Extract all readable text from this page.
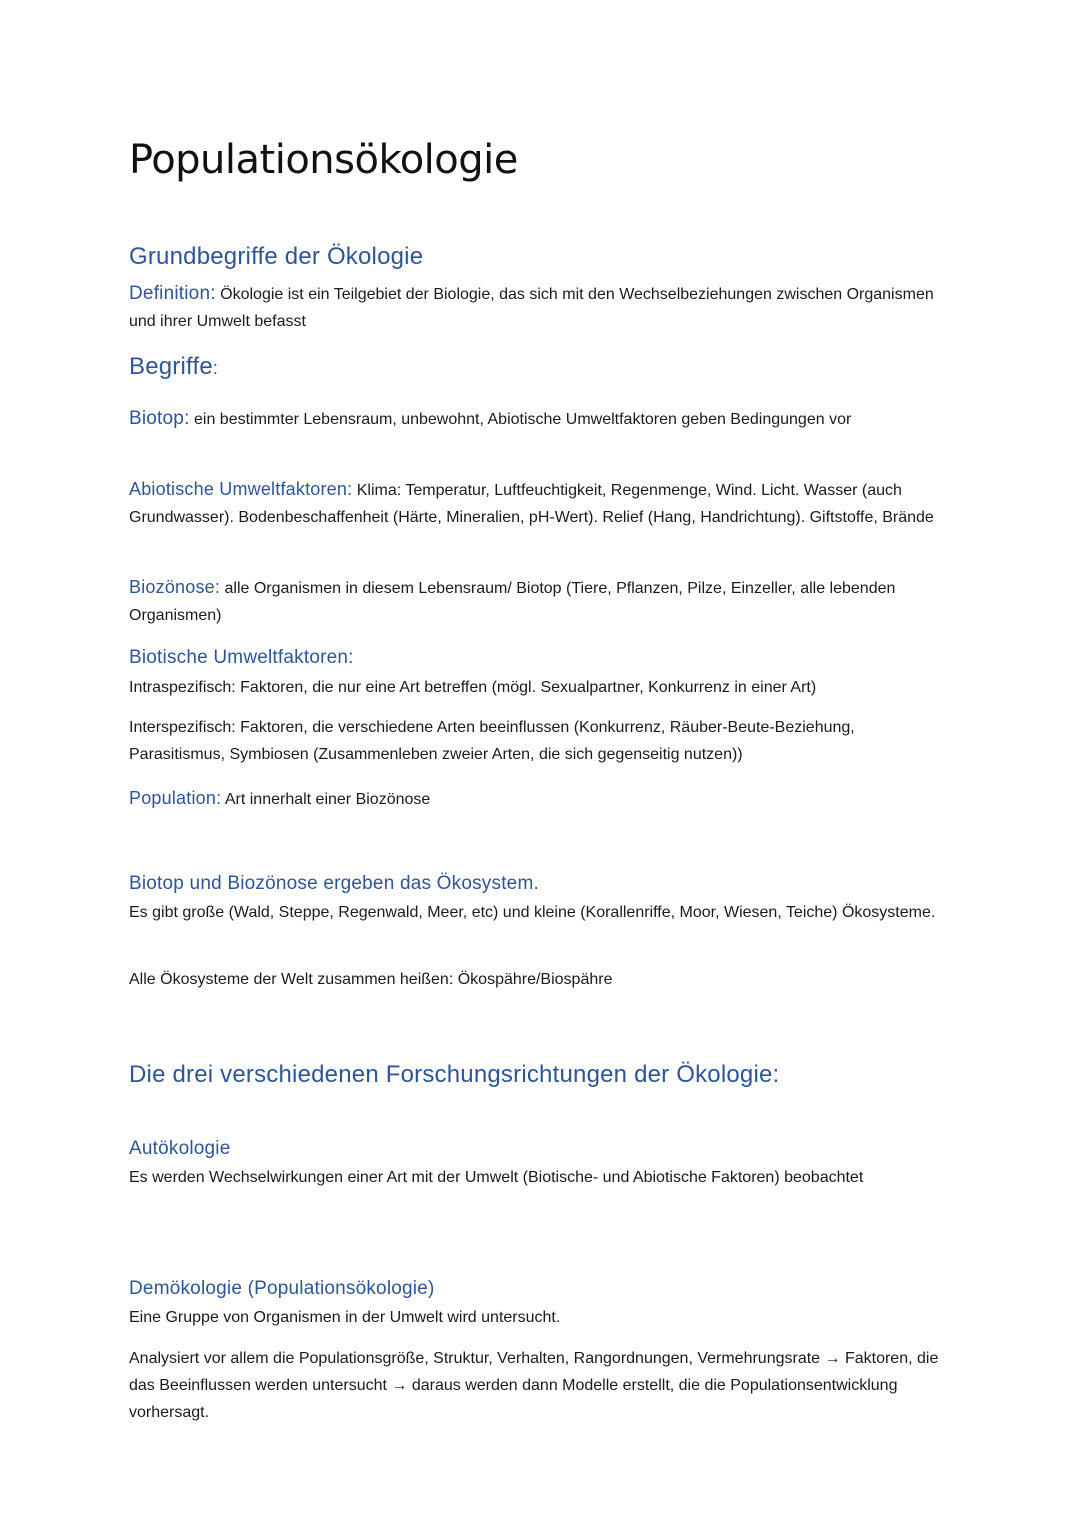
Populationsökologie
Grundbegriffe der Ökologie

Definition: Ökologie ist ein Teilgebiet der Biologie, das sich mit den Wechselbeziehungen zwischen Organismen und ihrer Umwelt befasst

Begriffe:

Biotop: ein bestimmter Lebensraum, unbewohnt, Abiotische Umweltfaktoren geben Bedingungen vor

Abiotische Umweltfaktoren: Klima: Temperatur, Luftfeuchtigkeit, Regenmenge, Wind. Licht. Wasser (auch Grundwasser). Bodenbeschaffenheit (Härte, Mineralien, pH-Wert). Relief (Hang, Handrichtung). Giftstoffe, Brände

Biozönose: alle Organismen in diesem Lebensraum/ Biotop (Tiere, Pflanzen, Pilze, Einzeller, alle lebenden Organismen)

Biotische Umweltfaktoren:

Intraspezifisch: Faktoren, die nur eine Art betreffen (mögl. Sexualpartner, Konkurrenz in einer Art)

Interspezifisch: Faktoren, die verschiedene Arten beeinflussen (Konkurrenz, Räuber-Beute-Beziehung, Parasitismus, Symbiosen (Zusammenleben zweier Arten, die sich gegenseitig nutzen))

Population: Art innerhalt einer Biozönose

Biotop und Biozönose ergeben das Ökosystem.

Es gibt große (Wald, Steppe, Regenwald, Meer, etc) und kleine (Korallenriffe, Moor, Wiesen, Teiche) Ökosysteme.

Alle Ökosysteme der Welt zusammen heißen: Ökospähre/Biospähre

Die drei verschiedenen Forschungsrichtungen der Ökologie:
Autökologie

Es werden Wechselwirkungen einer Art mit der Umwelt (Biotische- und Abiotische Faktoren) beobachtet

Demökologie (Populationsökologie)

Eine Gruppe von Organismen in der Umwelt wird untersucht.

Analysiert vor allem die Populationsgröße, Struktur, Verhalten, Rangordnungen, Vermehrungsrate → Faktoren, die das Beeinflussen werden untersucht → daraus werden dann Modelle erstellt, die die Populationsentwicklung vorhersagt.
